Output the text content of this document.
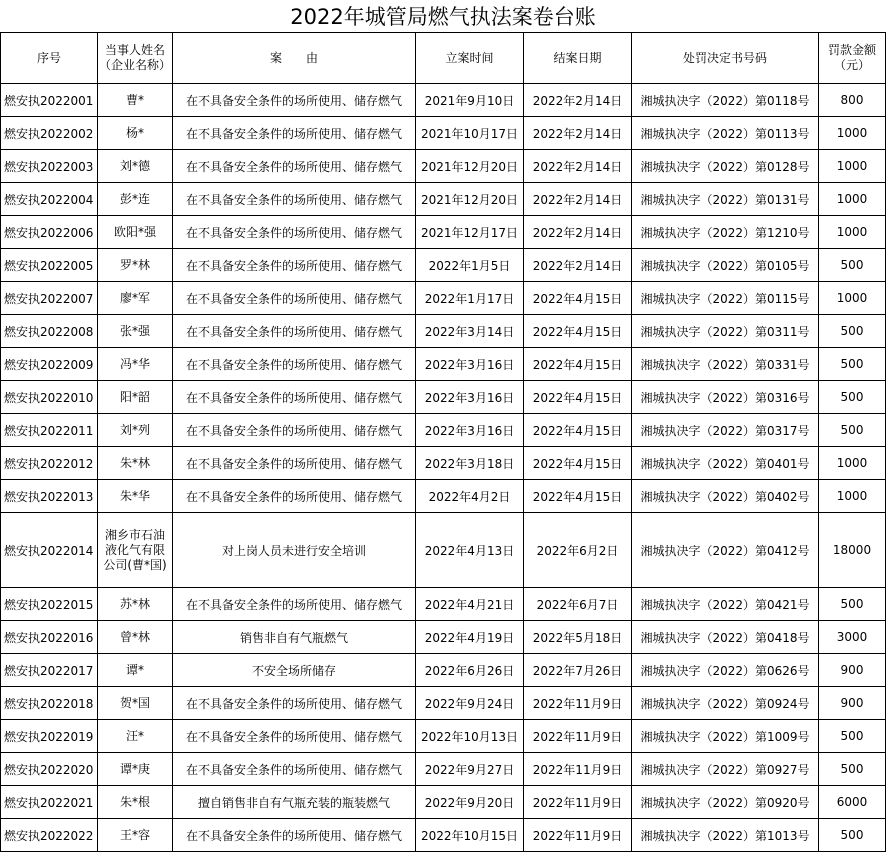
2022年城管局燃气执法案卷台账
序号	当事人姓名（企业名称）	案　　由	立案时间	结案日期	处罚决定书号码	罚款金额（元）
燃安执2022001	曹*	在不具备安全条件的场所使用、储存燃气	2021年9月10日	2022年2月14日	湘城执决字（2022）第0118号	800
燃安执2022002	杨*	在不具备安全条件的场所使用、储存燃气	2021年10月17日	2022年2月14日	湘城执决字（2022）第0113号	1000
燃安执2022003	刘*德	在不具备安全条件的场所使用、储存燃气	2021年12月20日	2022年2月14日	湘城执决字（2022）第0128号	1000
燃安执2022004	彭*连	在不具备安全条件的场所使用、储存燃气	2021年12月20日	2022年2月14日	湘城执决字（2022）第0131号	1000
燃安执2022006	欧阳*强	在不具备安全条件的场所使用、储存燃气	2021年12月17日	2022年2月14日	湘城执决字（2022）第1210号	1000
燃安执2022005	罗*林	在不具备安全条件的场所使用、储存燃气	2022年1月5日	2022年2月14日	湘城执决字（2022）第0105号	500
燃安执2022007	廖*军	在不具备安全条件的场所使用、储存燃气	2022年1月17日	2022年4月15日	湘城执决字（2022）第0115号	1000
燃安执2022008	张*强	在不具备安全条件的场所使用、储存燃气	2022年3月14日	2022年4月15日	湘城执决字（2022）第0311号	500
燃安执2022009	冯*华	在不具备安全条件的场所使用、储存燃气	2022年3月16日	2022年4月15日	湘城执决字（2022）第0331号	500
燃安执2022010	阳*韶	在不具备安全条件的场所使用、储存燃气	2022年3月16日	2022年4月15日	湘城执决字（2022）第0316号	500
燃安执2022011	刘*列	在不具备安全条件的场所使用、储存燃气	2022年3月16日	2022年4月15日	湘城执决字（2022）第0317号	500
燃安执2022012	朱*林	在不具备安全条件的场所使用、储存燃气	2022年3月18日	2022年4月15日	湘城执决字（2022）第0401号	1000
燃安执2022013	朱*华	在不具备安全条件的场所使用、储存燃气	2022年4月2日	2022年4月15日	湘城执决字（2022）第0402号	1000
燃安执2022014	湘乡市石油液化气有限公司(曹*国)	对上岗人员未进行安全培训	2022年4月13日	2022年6月2日	湘城执决字（2022）第0412号	18000
燃安执2022015	苏*林	在不具备安全条件的场所使用、储存燃气	2022年4月21日	2022年6月7日	湘城执决字（2022）第0421号	500
燃安执2022016	曾*林	销售非自有气瓶燃气	2022年4月19日	2022年5月18日	湘城执决字（2022）第0418号	3000
燃安执2022017	谭*	不安全场所储存	2022年6月26日	2022年7月26日	湘城执决字（2022）第0626号	900
燃安执2022018	贺*国	在不具备安全条件的场所使用、储存燃气	2022年9月24日	2022年11月9日	湘城执决字（2022）第0924号	900
燃安执2022019	汪*	在不具备安全条件的场所使用、储存燃气	2022年10月13日	2022年11月9日	湘城执决字（2022）第1009号	500
燃安执2022020	谭*庚	在不具备安全条件的场所使用、储存燃气	2022年9月27日	2022年11月9日	湘城执决字（2022）第0927号	500
燃安执2022021	朱*根	擅自销售非自有气瓶充装的瓶装燃气	2022年9月20日	2022年11月9日	湘城执决字（2022）第0920号	6000
燃安执2022022	王*容	在不具备安全条件的场所使用、储存燃气	2022年10月15日	2022年11月9日	湘城执决字（2022）第1013号	500
